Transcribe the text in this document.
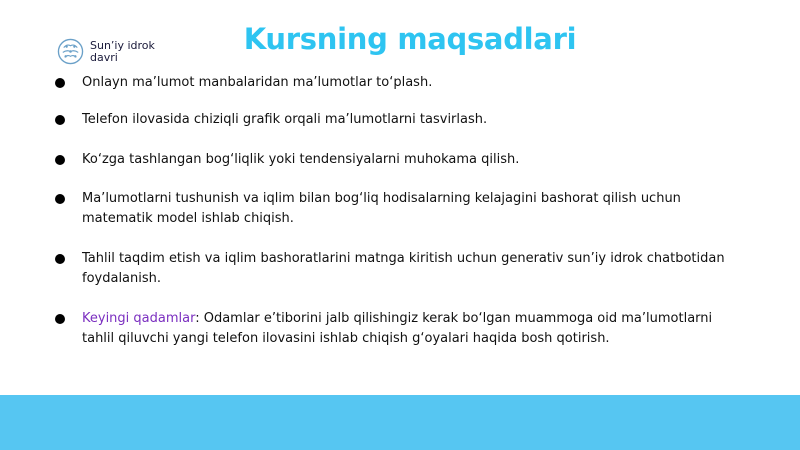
Sun’iy idrok
davri
Kursning maqsadlari
Onlayn ma’lumot manbalaridan ma’lumotlar to‘plash.
Telefon ilovasida chiziqli grafik orqali ma’lumotlarni tasvirlash.
Ko‘zga tashlangan bog‘liqlik yoki tendensiyalarni muhokama qilish.
Ma’lumotlarni tushunish va iqlim bilan bog‘liq hodisalarning kelajagini bashorat qilish uchun matematik model ishlab chiqish.
Tahlil taqdim etish va iqlim bashoratlarini matnga kiritish uchun generativ sun’iy idrok chatbotidan foydalanish.
Keyingi qadamlar: Odamlar e’tiborini jalb qilishingiz kerak bo‘lgan muammoga oid ma’lumotlarni tahlil qiluvchi yangi telefon ilovasini ishlab chiqish g‘oyalari haqida bosh qotirish.
